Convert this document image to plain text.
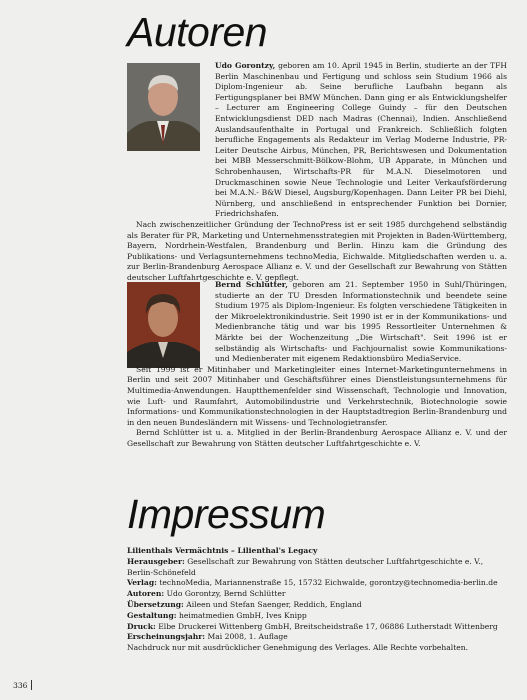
Autoren

Udo Gorontzy, geboren am 10. April 1945 in Berlin, studierte an der TFH Berlin Maschinenbau und Fertigung und schloss sein Studium 1966 als Diplom-Ingenieur ab. Seine berufliche Laufbahn begann als Fertigungsplaner bei BMW München. Dann ging er als Entwicklungshelfer – Lecturer am Engineering College Guindy – für den Deutschen Entwicklungsdienst DED nach Madras (Chennai), Indien. Anschließend Auslandsaufenthalte in Portugal und Frankreich. Schließlich folgten berufliche Engagements als Redakteur im Verlag Moderne Industrie, PR-Leiter Deutsche Airbus, München, PR, Berichtswesen und Dokumentation bei MBB Messerschmitt-Bölkow-Blohm, UB Apparate, in München und Schrobenhausen, Wirtschafts-PR für M.A.N. Dieselmotoren und Druckmaschinen sowie Neue Technologie und Leiter Verkaufsförderung bei M.A.N.- B&W Diesel, Augsburg/Kopenhagen. Dann Leiter PR bei Diehl, Nürnberg, und anschließend in entsprechender Funktion bei Dornier, Friedrichshafen.

Nach zwischenzeitlicher Gründung der TechnoPress ist er seit 1985 durchgehend selbständig als Berater für PR, Marketing und Unternehmensstrategien mit Projekten in Baden-Württemberg, Bayern, Nordrhein-Westfalen, Brandenburg und Berlin. Hinzu kam die Gründung des Publikations- und Verlagsunternehmens technoMedia, Eichwalde. Mitgliedschaften werden u. a. zur Berlin-Brandenburg Aerospace Allianz e. V. und der Gesellschaft zur Bewahrung von Stätten deutscher Luftfahrtgeschichte e. V. gepflegt.

Bernd Schlütter, geboren am 21. September 1950 in Suhl/Thüringen, studierte an der TU Dresden Informationstechnik und beendete seine Studium 1975 als Diplom-Ingenieur. Es folgten verschiedene Tätigkeiten in der Mikroelektronikindustrie. Seit 1990 ist er in der Kommunikations- und Medienbranche tätig und war bis 1995 Ressortleiter Unternehmen & Märkte bei der Wochenzeitung „Die Wirtschaft". Seit 1996 ist er selbständig als Wirtschafts- und Fachjournalist sowie Kommunikations- und Medienberater mit eigenem Redaktionsbüro MediaService.

Seit 1999 ist er Mitinhaber und Marketingleiter eines Internet-Marketingunternehmens in Berlin und seit 2007 Mitinhaber und Geschäftsführer eines Dienstleistungsunternehmens für Multimedia-Anwendungen. Hauptthemenfelder sind Wissenschaft, Technologie und Innovation, wie Luft- und Raumfahrt, Automobilindustrie und Verkehrstechnik, Biotechnologie sowie Informations- und Kommunikationstechnologien in der Hauptstadtregion Berlin-Brandenburg und in den neuen Bundesländern mit Wissens- und Technologietransfer.

Bernd Schlütter ist u. a. Mitglied in der Berlin-Brandenburg Aerospace Allianz e. V. und der Gesellschaft zur Bewahrung von Stätten deutscher Luftfahrtgeschichte e. V.

Impressum
Lilienthals Vermächtnis – Lilienthal's Legacy
Herausgeber: Gesellschaft zur Bewahrung von Stätten deutscher Luftfahrtgeschichte e. V., Berlin-Schönefeld
Verlag: technoMedia, Mariannenstraße 15, 15732 Eichwalde, gorontzy@technomedia-berlin.de
Autoren: Udo Gorontzy, Bernd Schlütter
Übersetzung: Aileen und Stefan Saenger, Reddich, England
Gestaltung: heimatmedien GmbH, Ives Knipp
Druck: Elbe Druckerei Wittenberg GmbH, Breitscheidstraße 17, 06886 Lutherstadt Wittenberg
Erscheinungsjahr: Mai 2008, 1. Auflage
Nachdruck nur mit ausdrücklicher Genehmigung des Verlages. Alle Rechte vorbehalten.
336
